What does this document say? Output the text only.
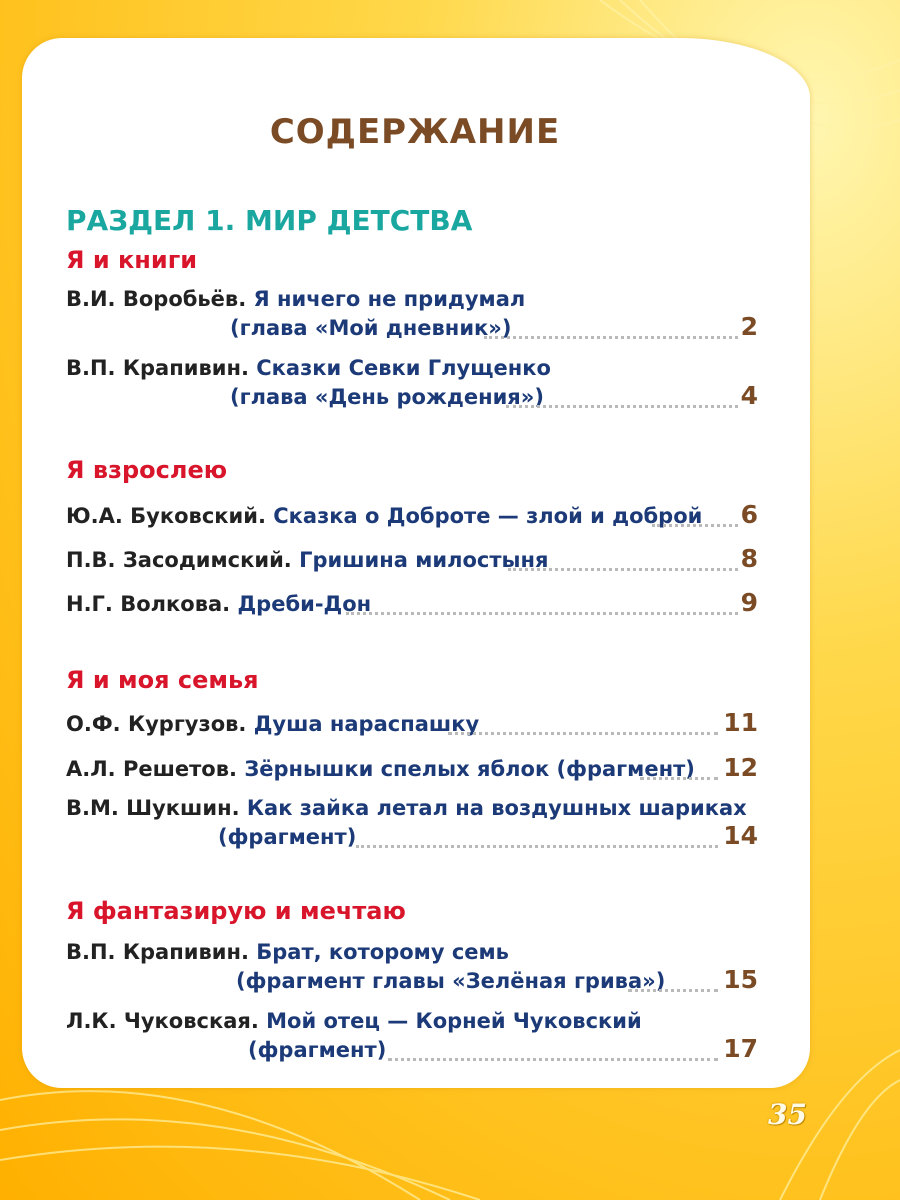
СОДЕРЖАНИЕ
РАЗДЕЛ 1. МИР ДЕТСТВА
Я и книги
В.И. Воробьёв. Я ничего не придумал
(глава «Мой дневник»)	2
В.П. Крапивин. Сказки Севки Глущенко
(глава «День рождения»)	4
Я взрослею
Ю.А. Буковский. Сказка о Доброте — злой и доброй 6
П.В. Засодимский. Гришина милостыня	8
Н.Г. Волкова. Дреби-Дон	9
Я и моя семья
О.Ф. Кургузов. Душа нараспашку	11
А.Л. Решетов. Зёрнышки спелых яблок (фрагмент) 12
В.М. Шукшин. Как зайка летал на воздушных шариках
(фрагмент)	14
Я фантазирую и мечтаю
В.П. Крапивин. Брат, которому семь
(фрагмент главы «Зелёная грива») 15
Л.К. Чуковская. Мой отец — Корней Чуковский
(фрагмент)	17
35
